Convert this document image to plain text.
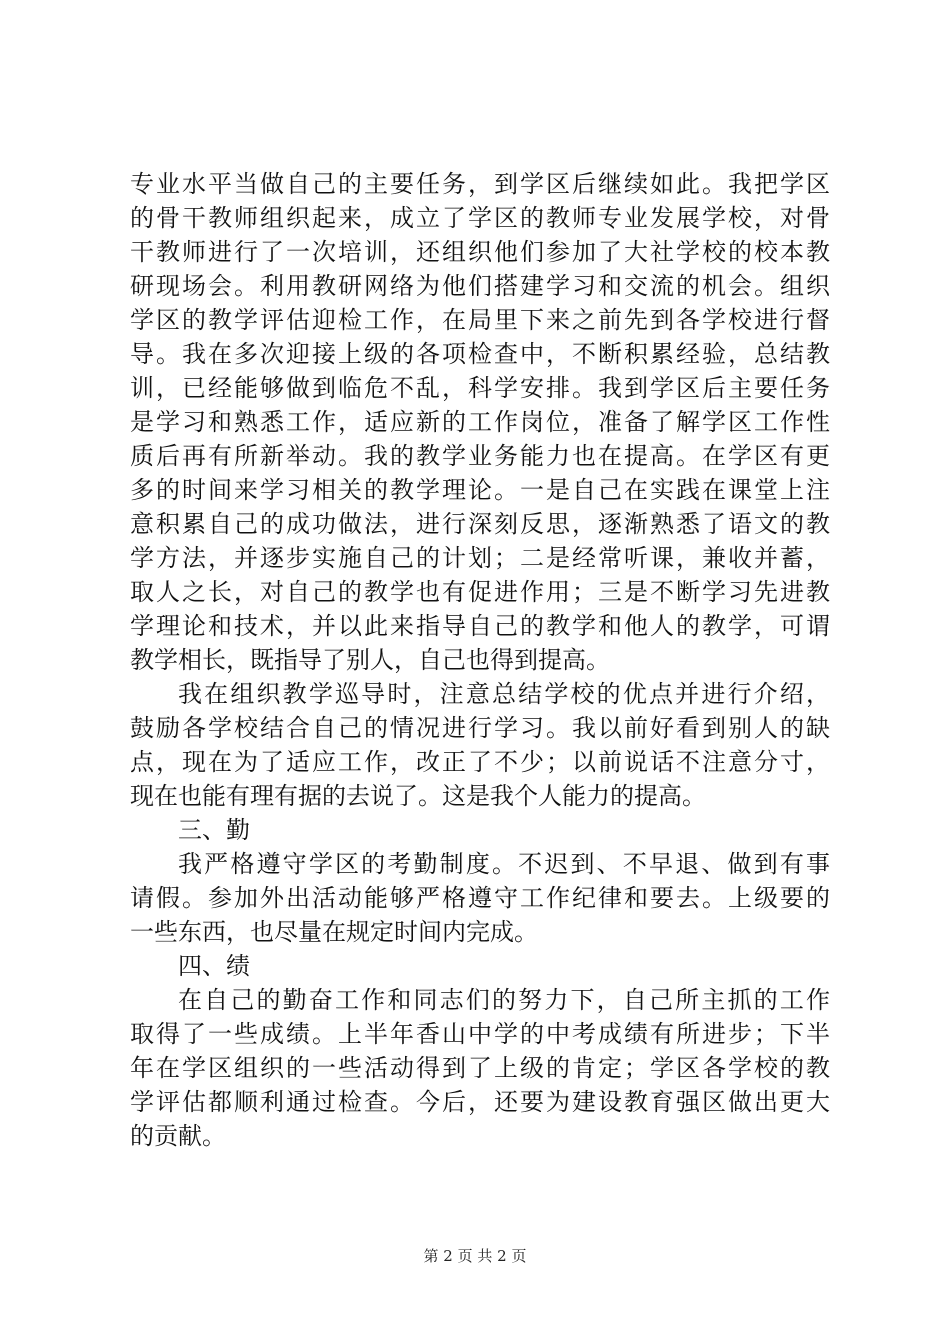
专业水平当做自己的主要任务，到学区后继续如此。我把学区
的骨干教师组织起来，成立了学区的教师专业发展学校，对骨
干教师进行了一次培训，还组织他们参加了大社学校的校本教
研现场会。利用教研网络为他们搭建学习和交流的机会。组织
学区的教学评估迎检工作，在局里下来之前先到各学校进行督
导。我在多次迎接上级的各项检查中，不断积累经验，总结教
训，已经能够做到临危不乱，科学安排。我到学区后主要任务
是学习和熟悉工作，适应新的工作岗位，准备了解学区工作性
质后再有所新举动。我的教学业务能力也在提高。在学区有更
多的时间来学习相关的教学理论。一是自己在实践在课堂上注
意积累自己的成功做法，进行深刻反思，逐渐熟悉了语文的教
学方法，并逐步实施自己的计划；二是经常听课，兼收并蓄，
取人之长，对自己的教学也有促进作用；三是不断学习先进教
学理论和技术，并以此来指导自己的教学和他人的教学，可谓
教学相长，既指导了别人，自己也得到提高。
我在组织教学巡导时，注意总结学校的优点并进行介绍，
鼓励各学校结合自己的情况进行学习。我以前好看到别人的缺
点，现在为了适应工作，改正了不少；以前说话不注意分寸，
现在也能有理有据的去说了。这是我个人能力的提高。
三、勤
我严格遵守学区的考勤制度。不迟到、不早退、做到有事
请假。参加外出活动能够严格遵守工作纪律和要去。上级要的
一些东西，也尽量在规定时间内完成。
四、绩
在自己的勤奋工作和同志们的努力下，自己所主抓的工作
取得了一些成绩。上半年香山中学的中考成绩有所进步；下半
年在学区组织的一些活动得到了上级的肯定；学区各学校的教
学评估都顺利通过检查。今后，还要为建设教育强区做出更大
的贡献。
第 2 页 共 2 页
